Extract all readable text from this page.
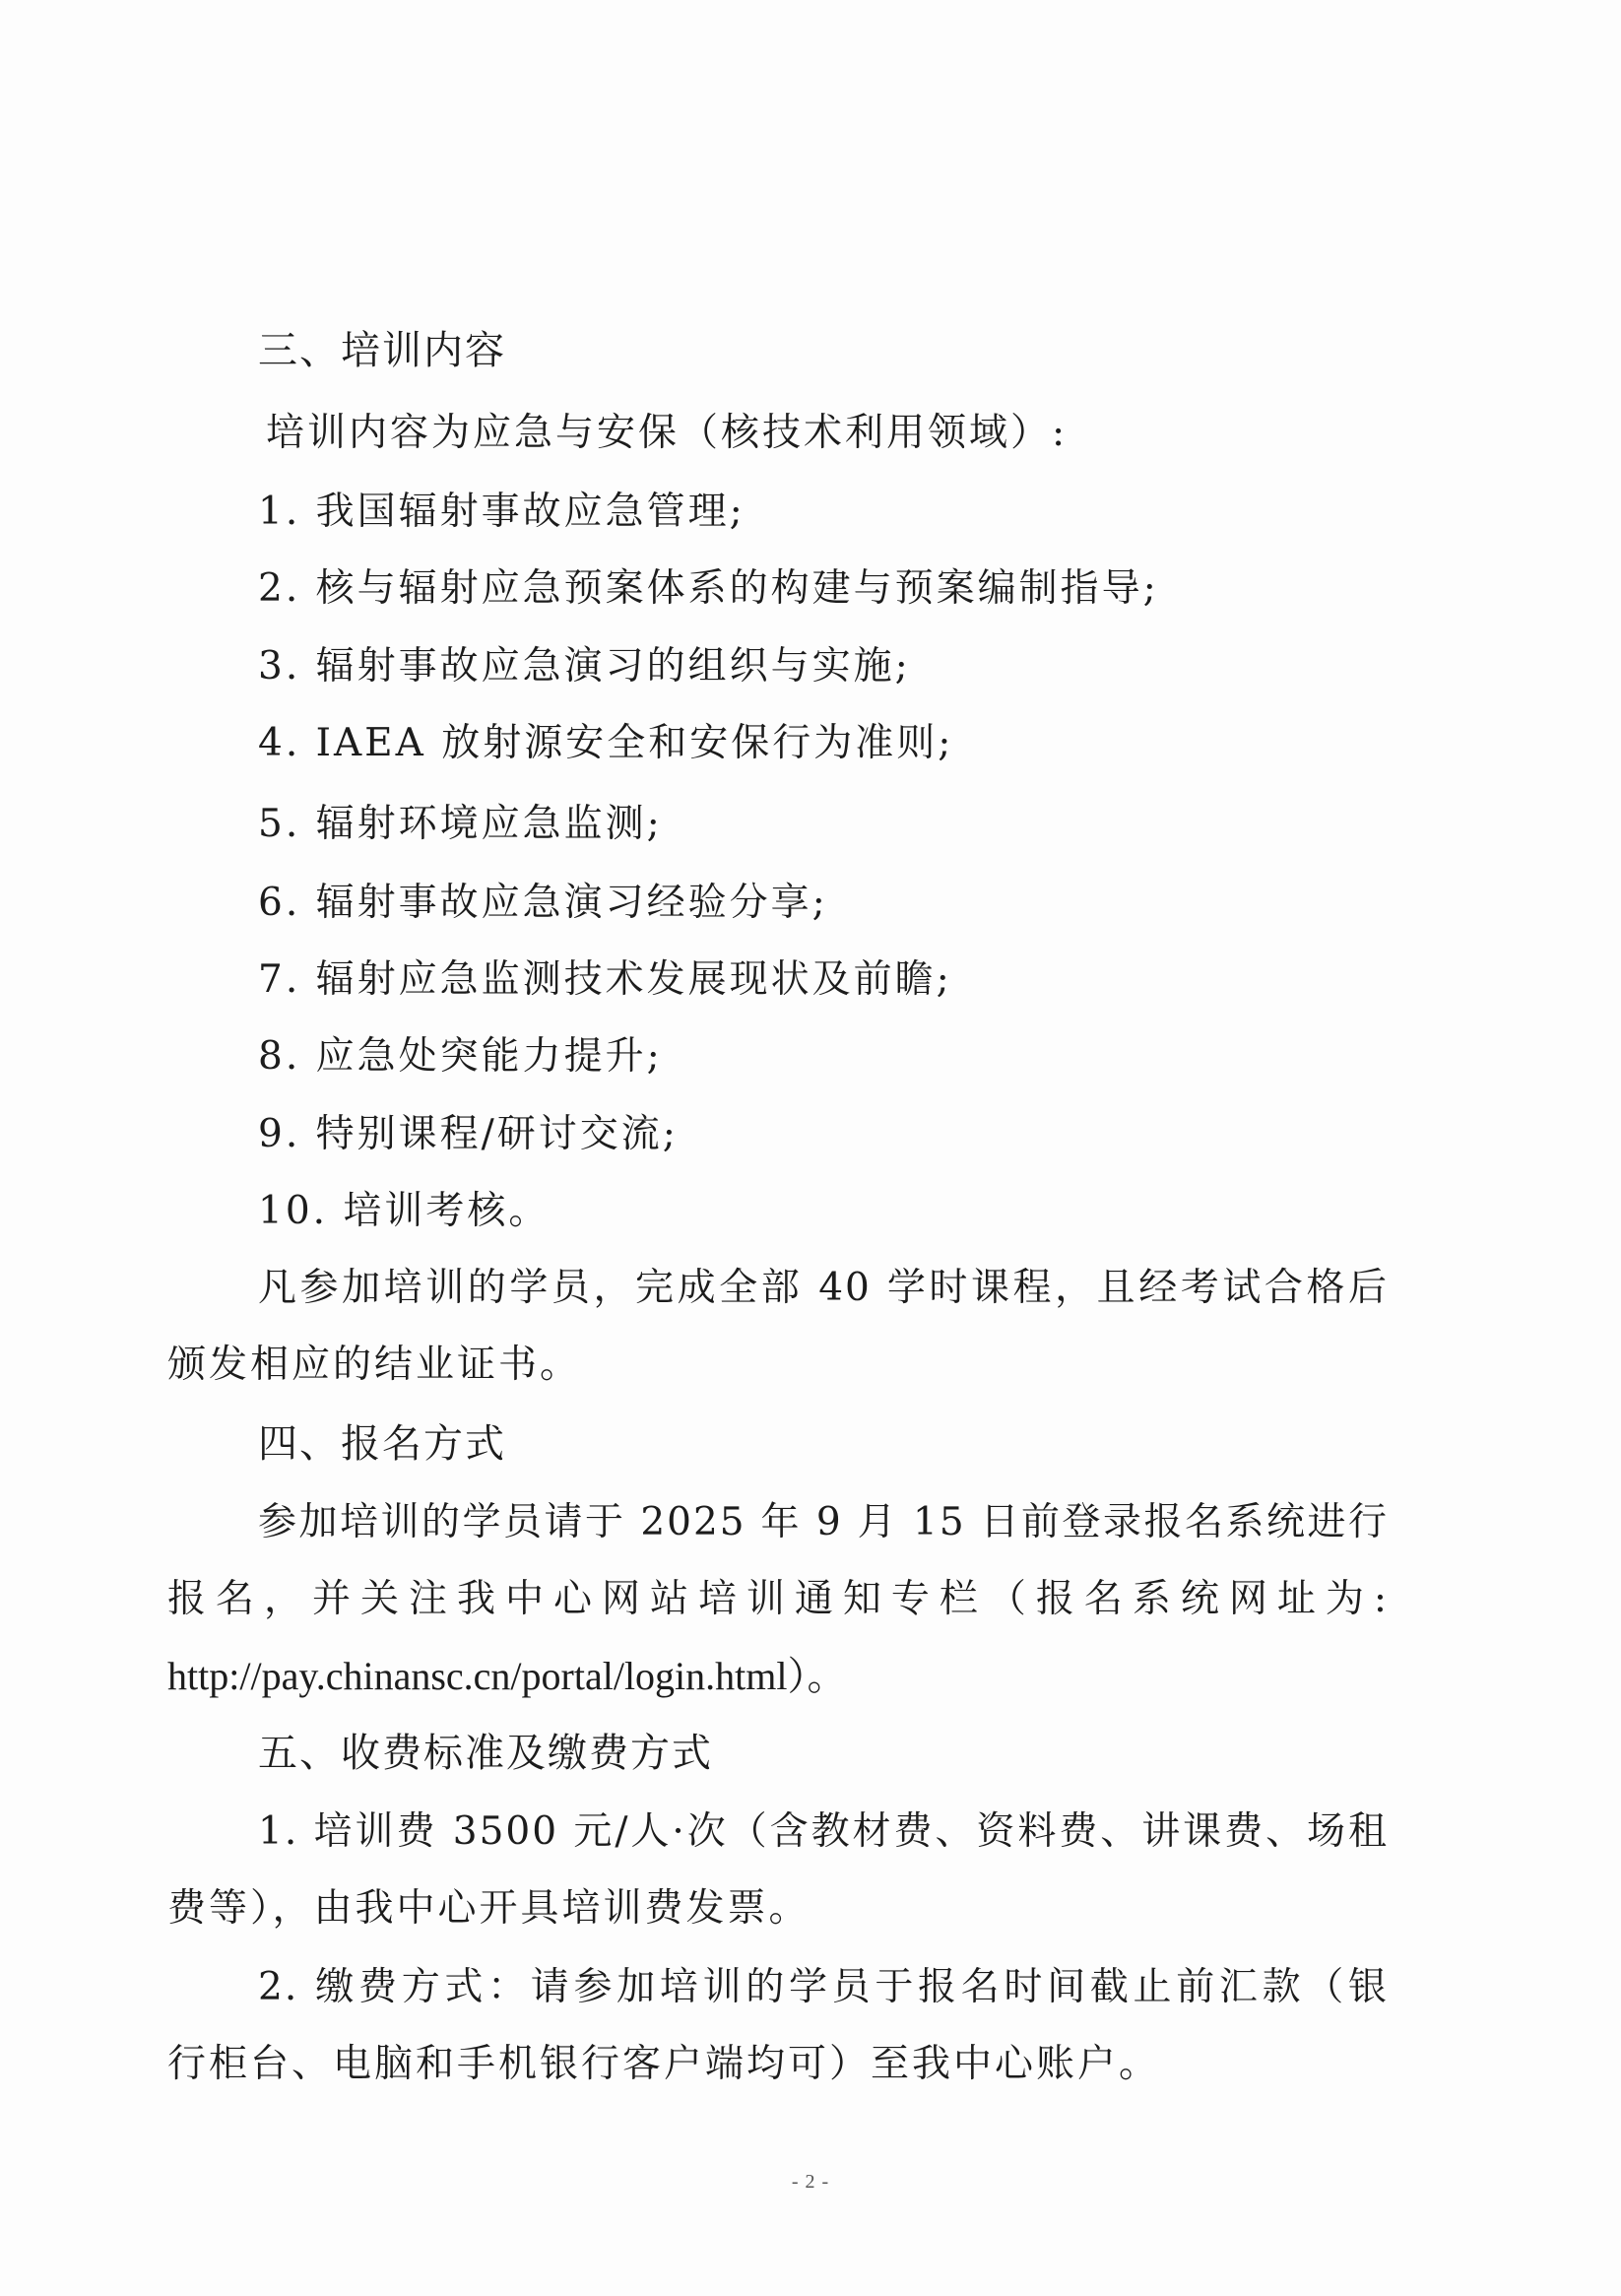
三、培训内容
培训内容为应急与安保（核技术利用领域）:
1. 我国辐射事故应急管理;
2. 核与辐射应急预案体系的构建与预案编制指导;
3. 辐射事故应急演习的组织与实施;
4. IAEA 放射源安全和安保行为准则;
5. 辐射环境应急监测;
6. 辐射事故应急演习经验分享;
7. 辐射应急监测技术发展现状及前瞻;
8. 应急处突能力提升;
9. 特别课程/研讨交流;
10. 培训考核。
凡参加培训的学员，完成全部 40 学时课程，且经考试合格后
颁发相应的结业证书。
四、报名方式
参加培训的学员请于 2025 年 9 月 15 日前登录报名系统进行
报名，并关注我中心网站培训通知专栏（报名系统网址为:
http://pay.chinansc.cn/portal/login.html）。
五、收费标准及缴费方式
1. 培训费 3500 元/人·次（含教材费、资料费、讲课费、场租
费等），由我中心开具培训费发票。
2. 缴费方式：请参加培训的学员于报名时间截止前汇款（银
行柜台、电脑和手机银行客户端均可）至我中心账户。
- 2 -
